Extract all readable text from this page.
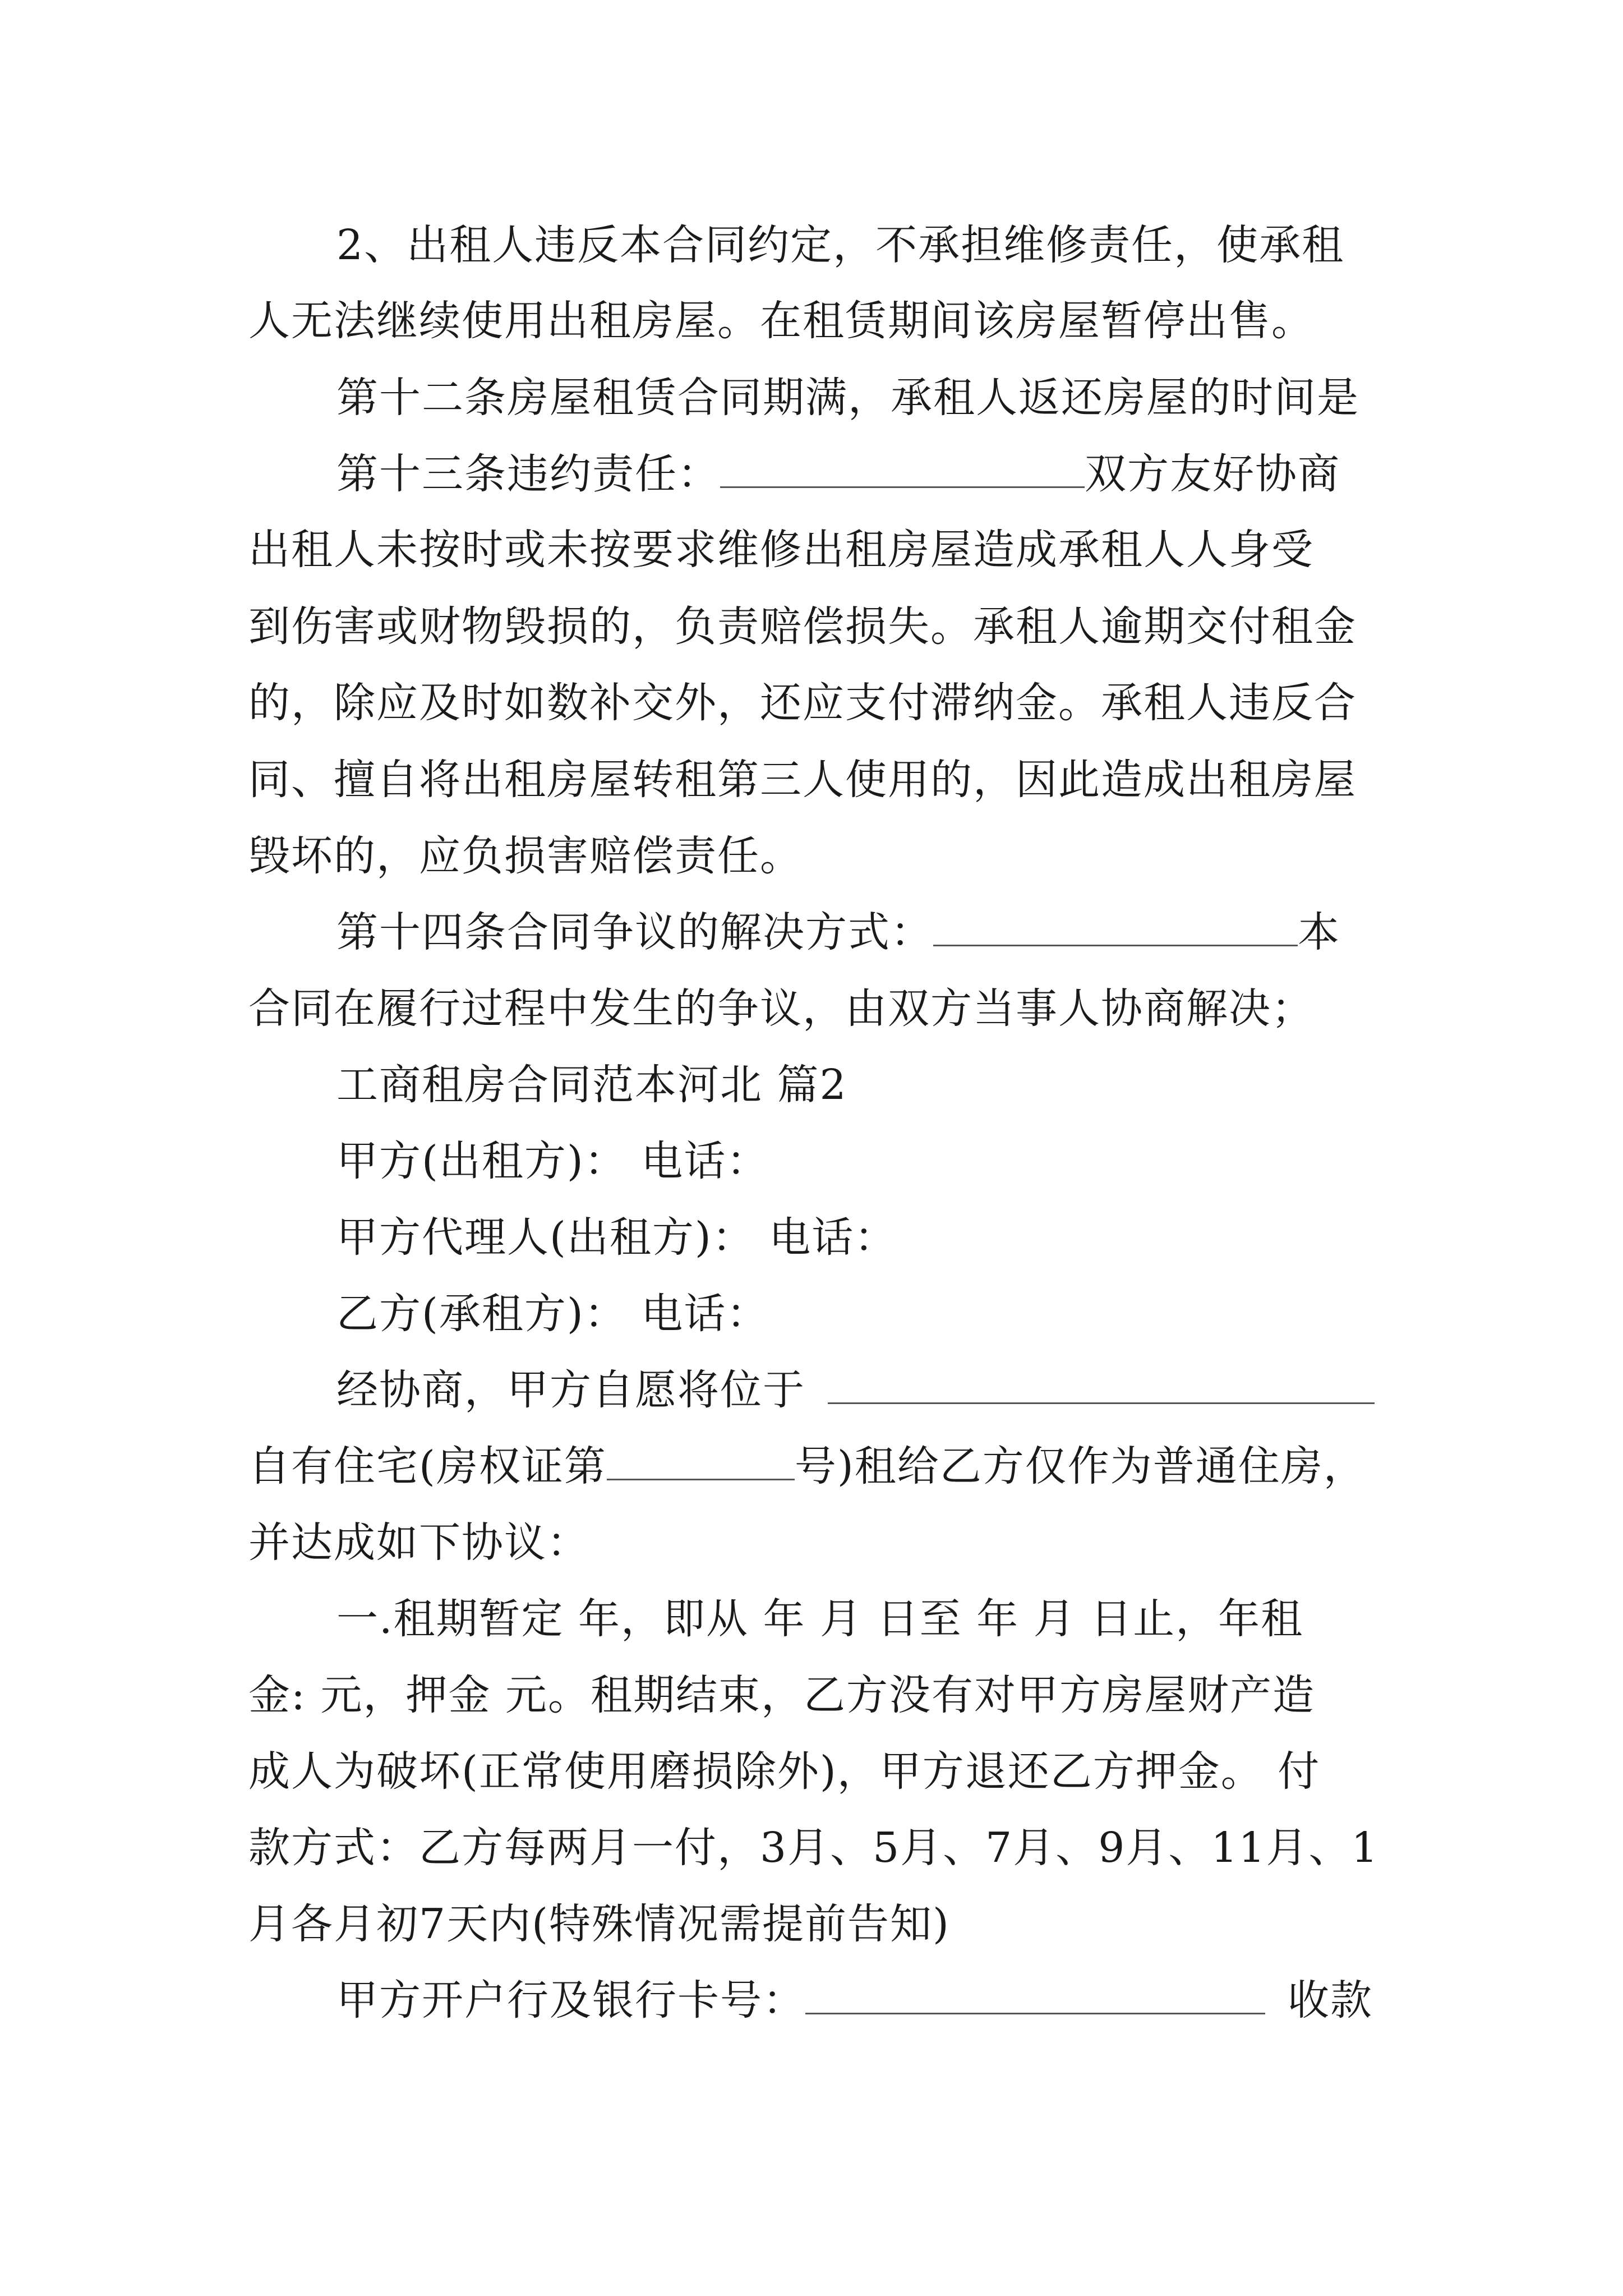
2、出租人违反本合同约定，不承担维修责任，使承租
人无法继续使用出租房屋。在租赁期间该房屋暂停出售。
第十二条房屋租赁合同期满，承租人返还房屋的时间是
第十三条违约责任：	双方友好协商
出租人未按时或未按要求维修出租房屋造成承租人人身受
到伤害或财物毁损的，负责赔偿损失。承租人逾期交付租金
的，除应及时如数补交外，还应支付滞纳金。承租人违反合
同、擅自将出租房屋转租第三人使用的，因此造成出租房屋
毁坏的，应负损害赔偿责任。
第十四条合同争议的解决方式：	本
合同在履行过程中发生的争议，由双方当事人协商解决；
工商租房合同范本河北 篇2
甲方(出租方)： 电话：
甲方代理人(出租方)： 电话：
乙方(承租方)： 电话：
经协商，甲方自愿将位于
自有住宅(房权证第	号)租给乙方仅作为普通住房，
并达成如下协议：
一.租期暂定 年，即从 年 月 日至 年 月 日止，年租
金: 元，押金 元。租期结束，乙方没有对甲方房屋财产造
成人为破坏(正常使用磨损除外)，甲方退还乙方押金。 付
款方式：乙方每两月一付，3月、5月、7月、9月、11月、1
月各月初7天内(特殊情况需提前告知)
甲方开户行及银行卡号：	收款
